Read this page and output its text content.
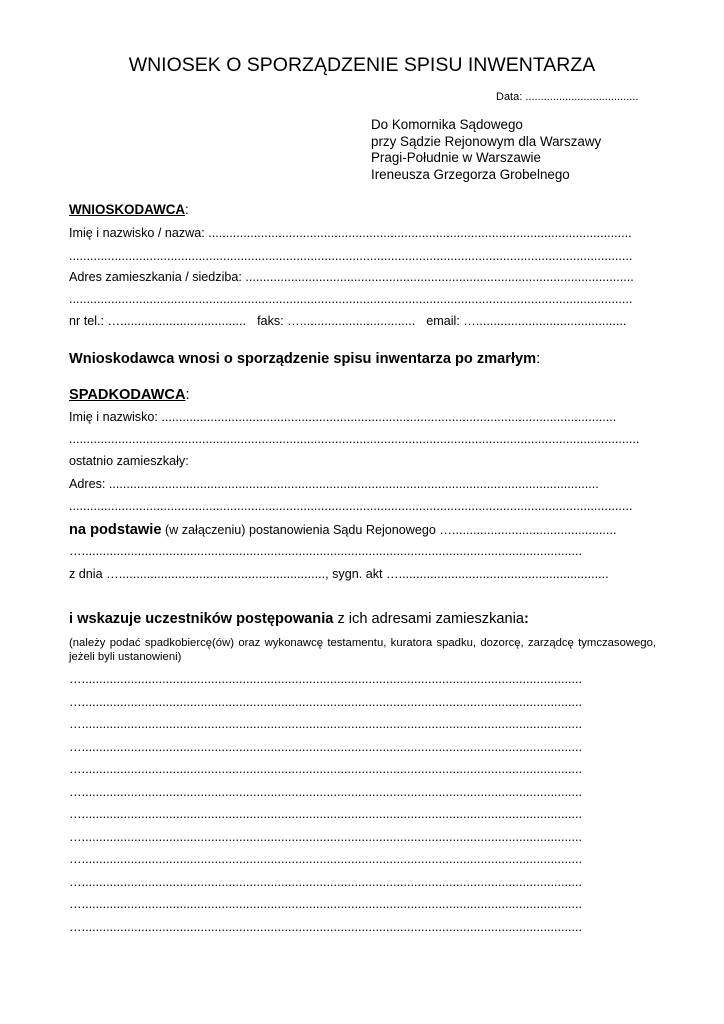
WNIOSEK O SPORZĄDZENIE SPISU INWENTARZA
Data: .....................................
Do Komornika Sądowego
przy Sądzie Rejonowym dla Warszawy
Pragi-Południe w Warszawie
Ireneusza Grzegorza Grobelnego
WNIOSKODAWCA:
Imię i nazwisko / nazwa: .........................................................................................................................
.................................................................................................................................................................
Adres zamieszkania / siedziba: ...............................................................................................................
.................................................................................................................................................................
nr tel.: ….................................... faks: …................................. email: …...........................................
Wnioskodawca wnosi o sporządzenie spisu inwentarza po zmarłym:
SPADKODAWCA:
Imię i nazwisko: ..................................................................................................................................
...................................................................................................................................................................
ostatnio zamieszkały:
Adres: ............................................................................................................................................
.................................................................................................................................................................
na podstawie (w załączeniu) postanowienia Sądu Rejonowego …...............................................
…...............................................................................................................................................
z dnia …..........................................................., sygn. akt …............................................................
i wskazuje uczestników postępowania z ich adresami zamieszkania:
(należy podać spadkobiercę(ów) oraz wykonawcę testamentu, kuratora spadku, dozorcę, zarządcę tymczasowego, jeżeli byli ustanowieni)
…...............................................................................................................................................
…...............................................................................................................................................
…...............................................................................................................................................
…...............................................................................................................................................
…...............................................................................................................................................
…...............................................................................................................................................
…...............................................................................................................................................
…...............................................................................................................................................
…...............................................................................................................................................
…...............................................................................................................................................
…...............................................................................................................................................
…...............................................................................................................................................
